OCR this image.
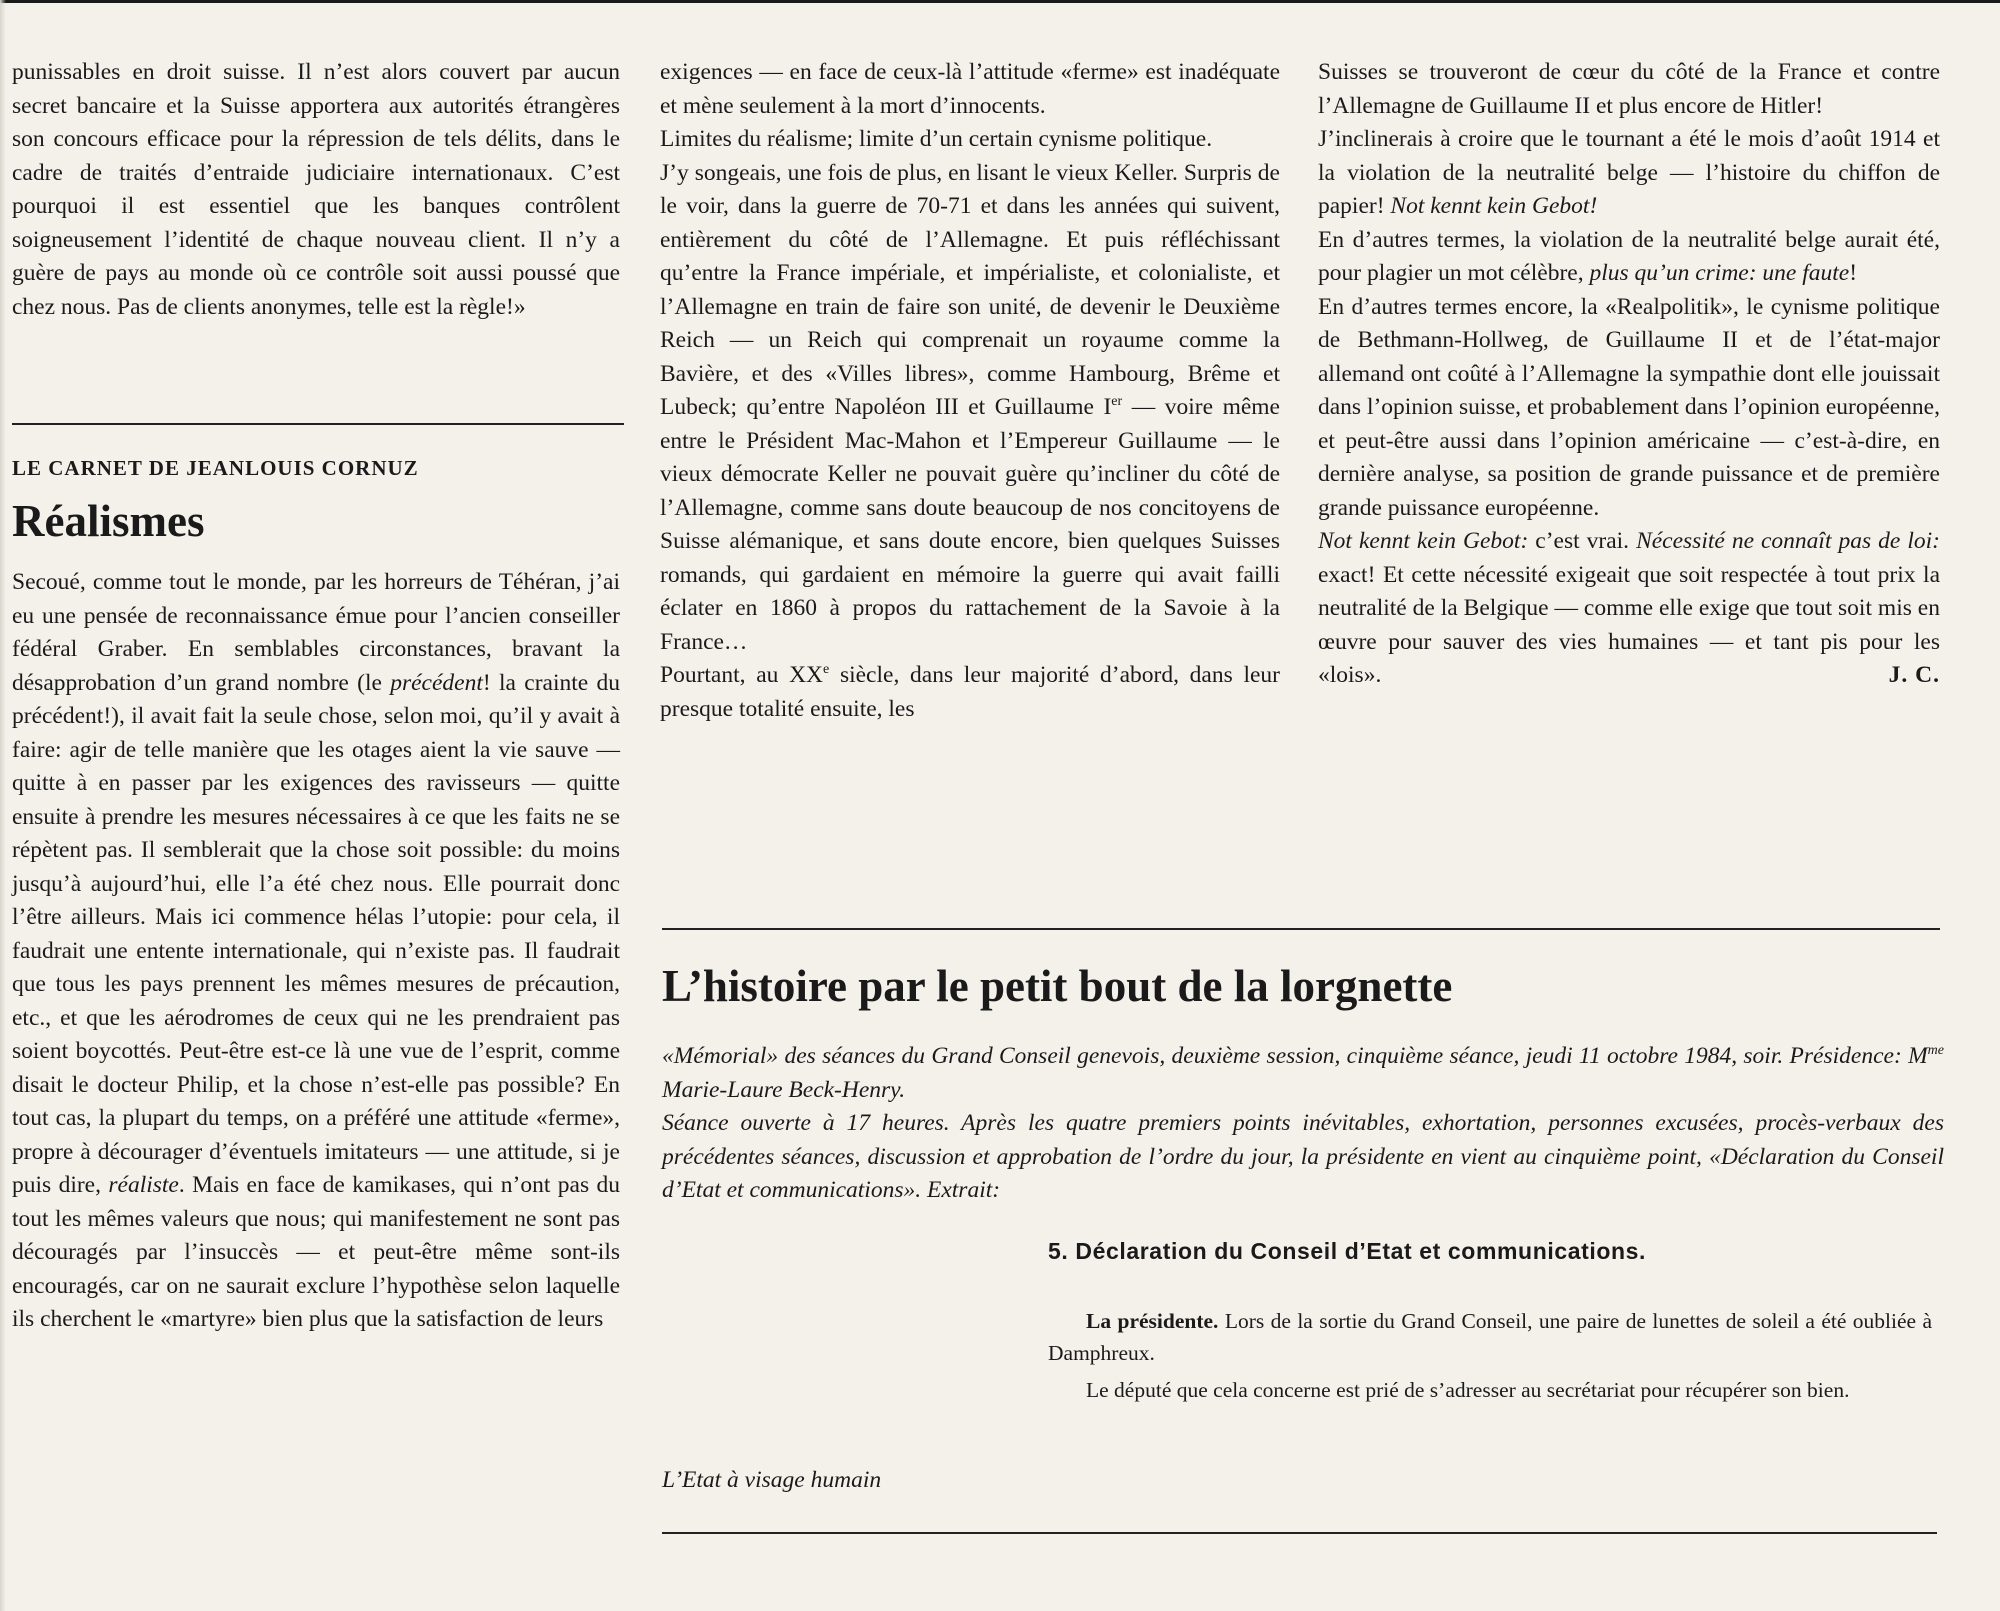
punissables en droit suisse. Il n’est alors couvert par aucun secret bancaire et la Suisse apportera aux autorités étrangères son concours efficace pour la répression de tels délits, dans le cadre de traités d’entraide judiciaire internationaux. C’est pourquoi il est essentiel que les banques contrôlent soigneusement l’identité de chaque nouveau client. Il n’y a guère de pays au monde où ce contrôle soit aussi poussé que chez nous. Pas de clients anonymes, telle est la règle!»

LE CARNET DE JEANLOUIS CORNUZ
Réalismes

Secoué, comme tout le monde, par les horreurs de Téhéran, j’ai eu une pensée de reconnaissance émue pour l’ancien conseiller fédéral Graber. En semblables circonstances, bravant la désapprobation d’un grand nombre (le précédent! la crainte du précédent!), il avait fait la seule chose, selon moi, qu’il y avait à faire: agir de telle manière que les otages aient la vie sauve — quitte à en passer par les exigences des ravisseurs — quitte ensuite à prendre les mesures nécessaires à ce que les faits ne se répètent pas. Il semblerait que la chose soit possible: du moins jusqu’à aujourd’hui, elle l’a été chez nous. Elle pourrait donc l’être ailleurs. Mais ici commence hélas l’utopie: pour cela, il faudrait une entente internationale, qui n’existe pas. Il faudrait que tous les pays prennent les mêmes mesures de précaution, etc., et que les aérodromes de ceux qui ne les prendraient pas soient boycottés. Peut-être est-ce là une vue de l’esprit, comme disait le docteur Philip, et la chose n’est-elle pas possible? En tout cas, la plupart du temps, on a préféré une attitude «ferme», propre à décourager d’éventuels imitateurs — une attitude, si je puis dire, réaliste. Mais en face de kamikases, qui n’ont pas du tout les mêmes valeurs que nous; qui manifestement ne sont pas découragés par l’insuccès — et peut-être même sont-ils encouragés, car on ne saurait exclure l’hypothèse selon laquelle ils cherchent le «martyre» bien plus que la satisfaction de leurs

exigences — en face de ceux-là l’attitude «ferme» est inadéquate et mène seulement à la mort d’innocents.

Limites du réalisme; limite d’un certain cynisme politique.

J’y songeais, une fois de plus, en lisant le vieux Keller. Surpris de le voir, dans la guerre de 70-71 et dans les années qui suivent, entièrement du côté de l’Allemagne. Et puis réfléchissant qu’entre la France impériale, et impérialiste, et colonialiste, et l’Allemagne en train de faire son unité, de devenir le Deuxième Reich — un Reich qui comprenait un royaume comme la Bavière, et des «Villes libres», comme Hambourg, Brême et Lubeck; qu’entre Napoléon III et Guillaume Ier — voire même entre le Président Mac-Mahon et l’Empereur Guillaume — le vieux démocrate Keller ne pouvait guère qu’incliner du côté de l’Allemagne, comme sans doute beaucoup de nos concitoyens de Suisse alémanique, et sans doute encore, bien quelques Suisses romands, qui gardaient en mémoire la guerre qui avait failli éclater en 1860 à propos du rattachement de la Savoie à la France…

Pourtant, au XXe siècle, dans leur majorité d’abord, dans leur presque totalité ensuite, les

Suisses se trouveront de cœur du côté de la France et contre l’Allemagne de Guillaume II et plus encore de Hitler!

J’inclinerais à croire que le tournant a été le mois d’août 1914 et la violation de la neutralité belge — l’histoire du chiffon de papier! Not kennt kein Gebot!

En d’autres termes, la violation de la neutralité belge aurait été, pour plagier un mot célèbre, plus qu’un crime: une faute!

En d’autres termes encore, la «Realpolitik», le cynisme politique de Bethmann-Hollweg, de Guillaume II et de l’état-major allemand ont coûté à l’Allemagne la sympathie dont elle jouissait dans l’opinion suisse, et probablement dans l’opinion européenne, et peut-être aussi dans l’opinion américaine — c’est-à-dire, en dernière analyse, sa position de grande puissance et de première grande puissance européenne.

Not kennt kein Gebot: c’est vrai. Nécessité ne connaît pas de loi: exact! Et cette nécessité exigeait que soit respectée à tout prix la neutralité de la Belgique — comme elle exige que tout soit mis en œuvre pour sauver des vies humaines — et tant pis pour les «lois».	J. C.

L’histoire par le petit bout de la lorgnette

«Mémorial» des séances du Grand Conseil genevois, deuxième session, cinquième séance, jeudi 11 octobre 1984, soir. Présidence: $M^{me}$ Marie-Laure Beck-Henry.

Séance ouverte à 17 heures. Après les quatre premiers points inévitables, exhortation, personnes excusées, procès-verbaux des précédentes séances, discussion et approbation de l’ordre du jour, la présidente en vient au cinquième point, «Déclaration du Conseil d’Etat et communications». Extrait:

5. Déclaration du Conseil d’Etat et communications.

La présidente. Lors de la sortie du Grand Conseil, une paire de lunettes de soleil a été oubliée à Damphreux.

Le député que cela concerne est prié de s’adresser au secrétariat pour récupérer son bien.

L’Etat à visage humain
